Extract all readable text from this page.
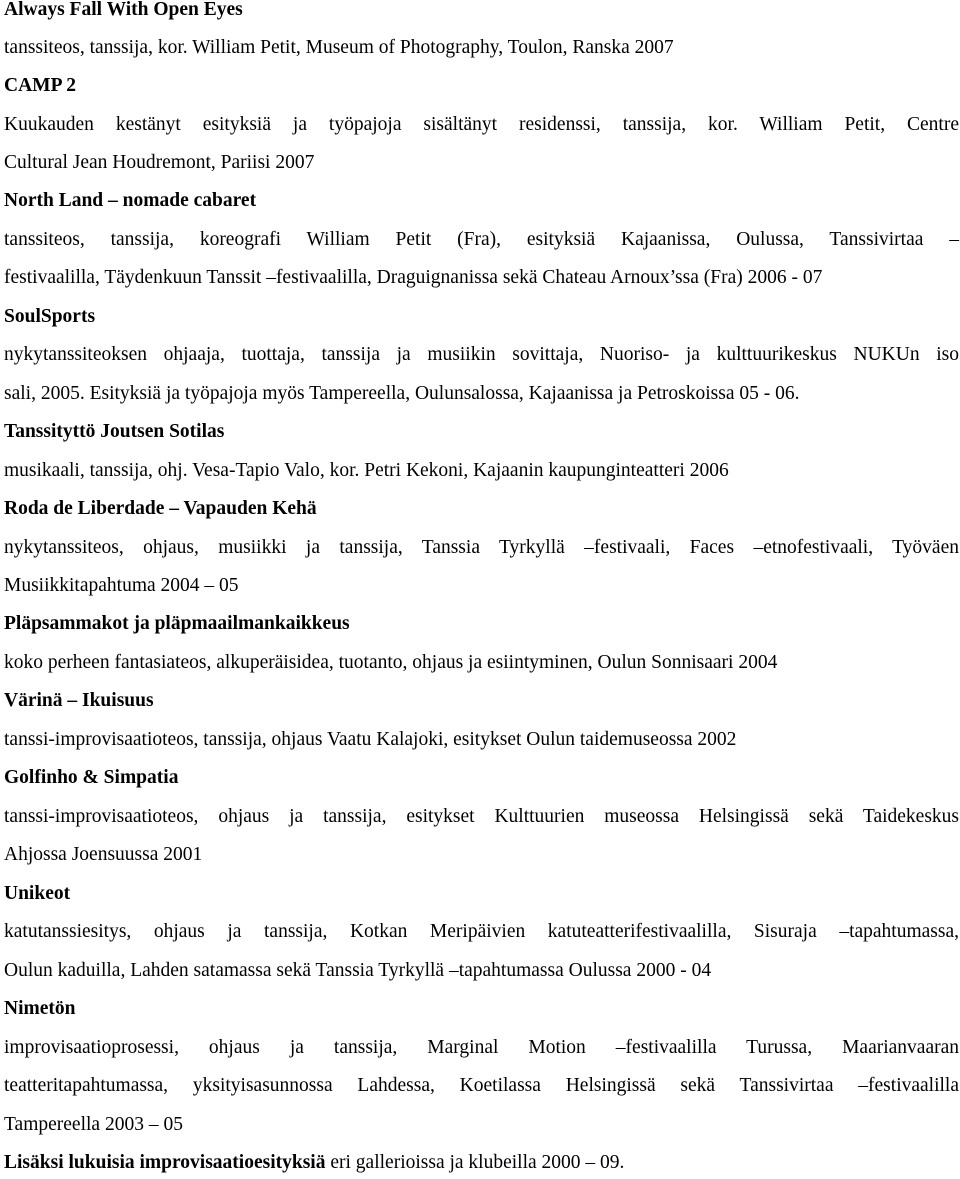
Always Fall With Open Eyes
tanssiteos, tanssija, kor. William Petit, Museum of Photography, Toulon, Ranska 2007
CAMP 2
Kuukauden kestänyt esityksiä ja työpajoja sisältänyt residenssi, tanssija, kor. William Petit, Centre
Cultural Jean Houdremont, Pariisi 2007
North Land – nomade cabaret
tanssiteos, tanssija, koreografi William Petit (Fra), esityksiä Kajaanissa, Oulussa, Tanssivirtaa –
festivaalilla, Täydenkuun Tanssit –festivaalilla, Draguignanissa sekä Chateau Arnoux’ssa (Fra) 2006 - 07
SoulSports
nykytanssiteoksen ohjaaja, tuottaja, tanssija ja musiikin sovittaja, Nuoriso- ja kulttuurikeskus NUKUn iso
sali, 2005. Esityksiä ja työpajoja myös Tampereella, Oulunsalossa, Kajaanissa ja Petroskoissa 05 - 06.
Tanssityttö Joutsen Sotilas
musikaali, tanssija, ohj. Vesa-Tapio Valo, kor. Petri Kekoni, Kajaanin kaupunginteatteri 2006
Roda de Liberdade – Vapauden Kehä
nykytanssiteos, ohjaus, musiikki ja tanssija, Tanssia Tyrkyllä –festivaali, Faces –etnofestivaali, Työväen
Musiikkitapahtuma 2004 – 05
Pläpsammakot ja pläpmaailmankaikkeus
koko perheen fantasiateos, alkuperäisidea, tuotanto, ohjaus ja esiintyminen, Oulun Sonnisaari 2004
Värinä – Ikuisuus
tanssi-improvisaatioteos, tanssija, ohjaus Vaatu Kalajoki, esitykset Oulun taidemuseossa 2002
Golfinho & Simpatia
tanssi-improvisaatioteos, ohjaus ja tanssija, esitykset Kulttuurien museossa Helsingissä sekä Taidekeskus
Ahjossa Joensuussa 2001
Unikeot
katutanssiesitys, ohjaus ja tanssija, Kotkan Meripäivien katuteatterifestivaalilla, Sisuraja –tapahtumassa,
Oulun kaduilla, Lahden satamassa sekä Tanssia Tyrkyllä –tapahtumassa Oulussa 2000 - 04
Nimetön
improvisaatioprosessi, ohjaus ja tanssija, Marginal Motion –festivaalilla Turussa, Maarianvaaran
teatteritapahtumassa, yksityisasunnossa Lahdessa, Koetilassa Helsingissä sekä Tanssivirtaa –festivaalilla
Tampereella 2003 – 05
Lisäksi lukuisia improvisaatioesityksiä eri gallerioissa ja klubeilla 2000 – 09.
